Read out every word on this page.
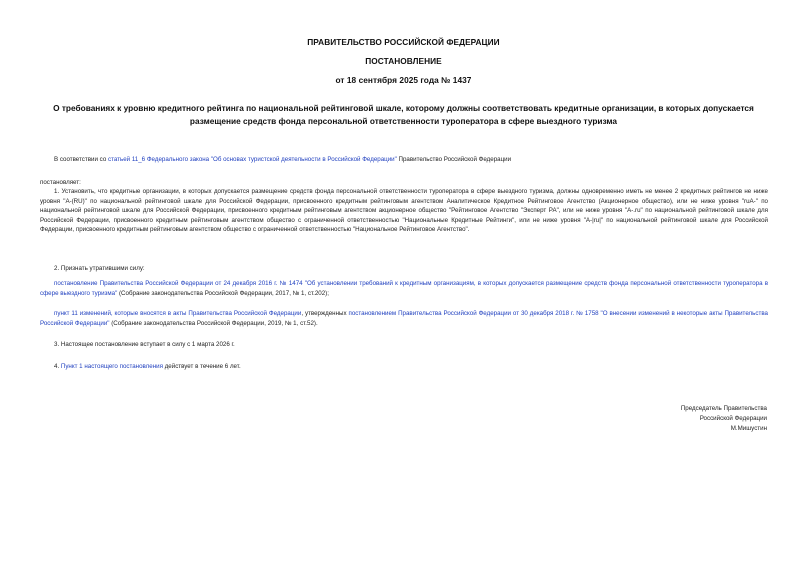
ПРАВИТЕЛЬСТВО РОССИЙСКОЙ ФЕДЕРАЦИИ
ПОСТАНОВЛЕНИЕ
от 18 сентября 2025 года № 1437
О требованиях к уровню кредитного рейтинга по национальной рейтинговой шкале, которому должны соответствовать кредитные организации, в которых допускается размещение средств фонда персональной ответственности туроператора в сфере выездного туризма
В соответствии со статьей 11_6 Федерального закона "Об основах туристской деятельности в Российской Федерации" Правительство Российской Федерации
постановляет:
1. Установить, что кредитные организации, в которых допускается размещение средств фонда персональной ответственности туроператора в сфере выездного туризма, должны одновременно иметь не менее 2 кредитных рейтингов не ниже уровня "A-(RU)" по национальной рейтинговой шкале для Российской Федерации, присвоенного кредитным рейтинговым агентством Аналитическое Кредитное Рейтинговое Агентство (Акционерное общество), или не ниже уровня "ruA-" по национальной рейтинговой шкале для Российской Федерации, присвоенного кредитным рейтинговым агентством акционерное общество "Рейтинговое Агентство "Эксперт РА", или не ниже уровня "A-.ru" по национальной рейтинговой шкале для Российской Федерации, присвоенного кредитным рейтинговым агентством общество с ограниченной ответственностью "Национальные Кредитные Рейтинги", или не ниже уровня "A-|ru|" по национальной рейтинговой шкале для Российской Федерации, присвоенного кредитным рейтинговым агентством общество с ограниченной ответственностью "Национальное Рейтинговое Агентство".
2. Признать утратившими силу:
постановление Правительства Российской Федерации от 24 декабря 2016 г. № 1474 "Об установлении требований к кредитным организациям, в которых допускается размещение средств фонда персональной ответственности туроператора в сфере выездного туризма" (Собрание законодательства Российской Федерации, 2017, № 1, ст.202);
пункт 11 изменений, которые вносятся в акты Правительства Российской Федерации, утвержденных постановлением Правительства Российской Федерации от 30 декабря 2018 г. № 1758 "О внесении изменений в некоторые акты Правительства Российской Федерации" (Собрание законодательства Российской Федерации, 2019, № 1, ст.52).
3. Настоящее постановление вступает в силу с 1 марта 2026 г.
4. Пункт 1 настоящего постановления действует в течение 6 лет.
Председатель Правительства
Российской Федерации
М.Мишустин
